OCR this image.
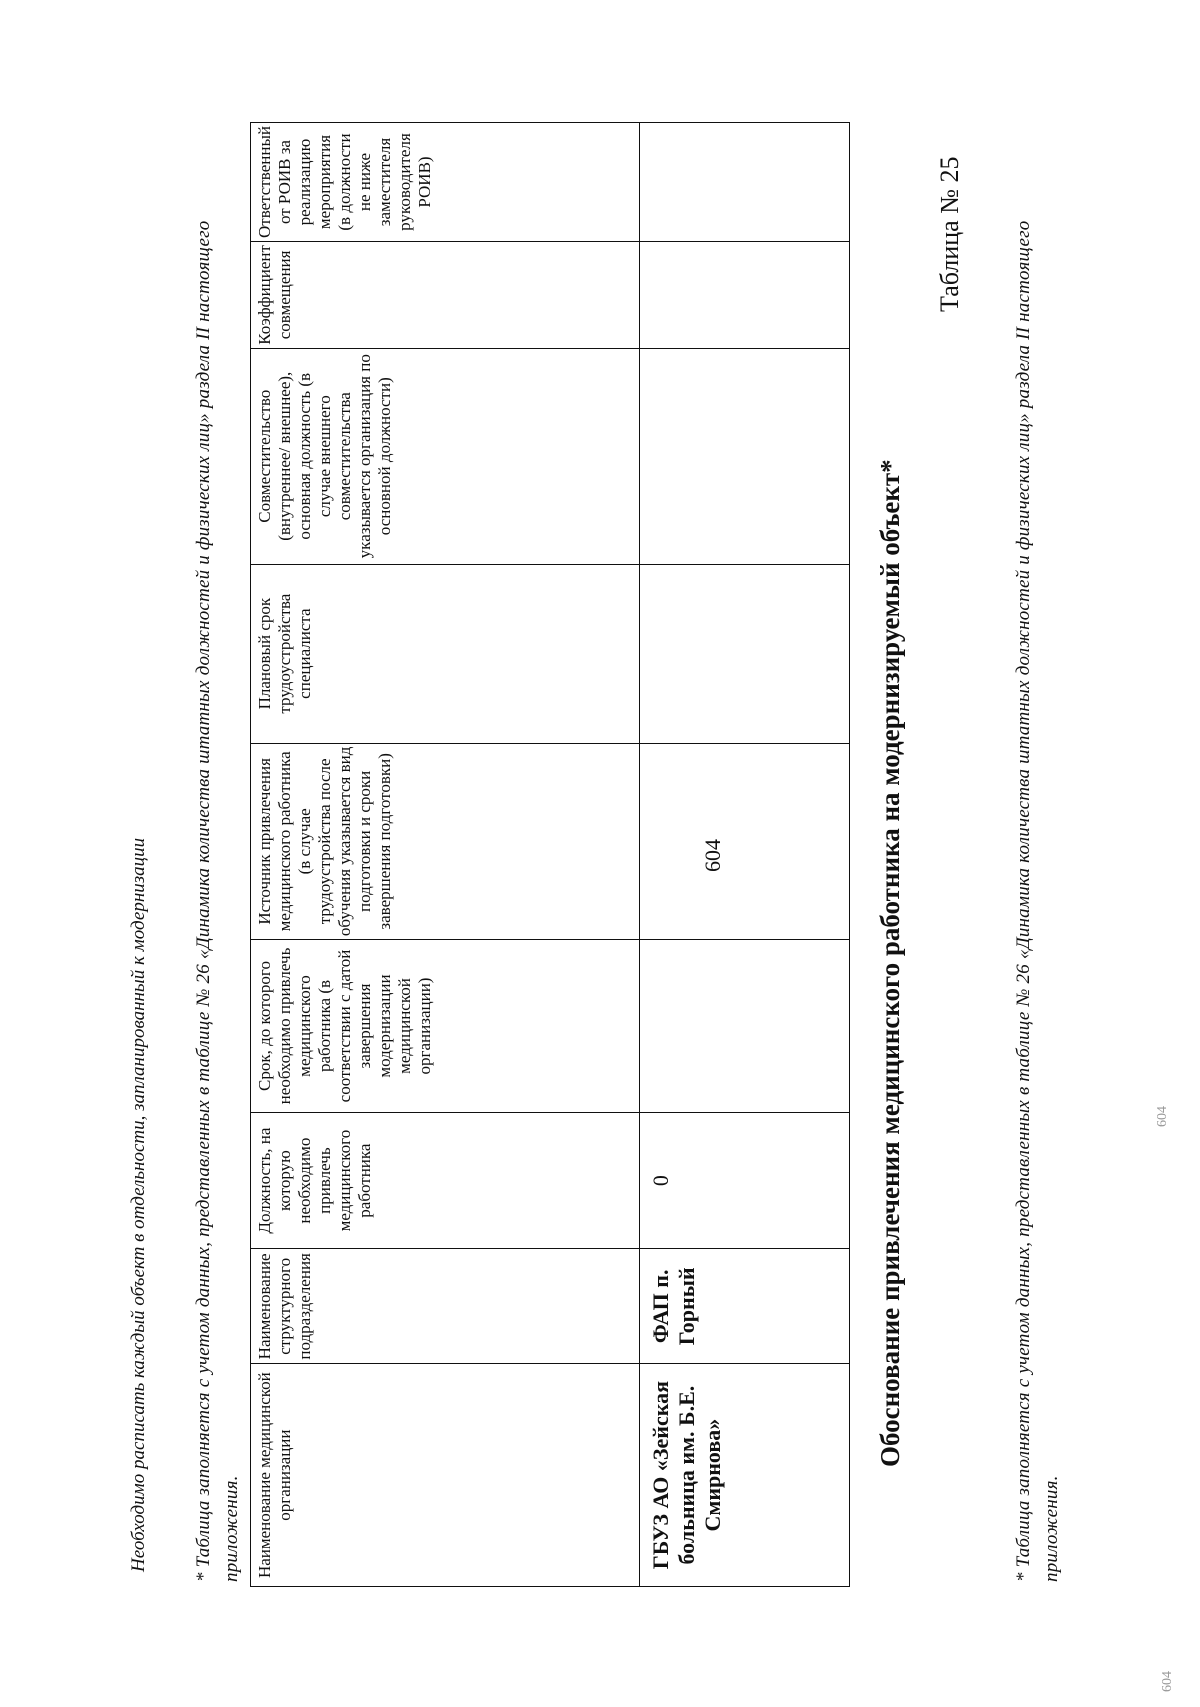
604
604
604
* Таблица заполняется с учетом данных, представленных в таблице № 26 «Динамика количества штатных должностей и физических лиц» раздела II настоящего приложения.
Таблица № 25
Обоснование привлечения медицинского работника на модернизируемый объект*
Наименование медицинской организации	Наименование структурного подразделения	Должность, на которую необходимо привлечь медицинского работника	Срок, до которого необходимо привлечь медицинского работника (в соответствии с датой завершения модернизации медицинской организации)	Источник привлечения медицинского работника (в случае трудоустройства после обучения указывается вид подготовки и сроки завершения подготовки)	Плановый срок трудоустройства специалиста	Совместительство (внутреннее/ внешнее), основная должность (в случае внешнего совместительства указывается организация по основной должности)	Коэффициент совмещения	Ответственный от РОИВ за реализацию мероприятия (в должности не ниже заместителя руководителя РОИВ)
ГБУЗ АО «Зейская больница им. Б.Е. Смирнова»	ФАП п. Горный	0						
Необходимо расписать каждый объект в отдельности, запланированный к модернизации * Таблица заполняется с учетом данных, представленных в таблице № 26 «Динамика количества штатных должностей и физических лиц» раздела II настоящего приложения.
